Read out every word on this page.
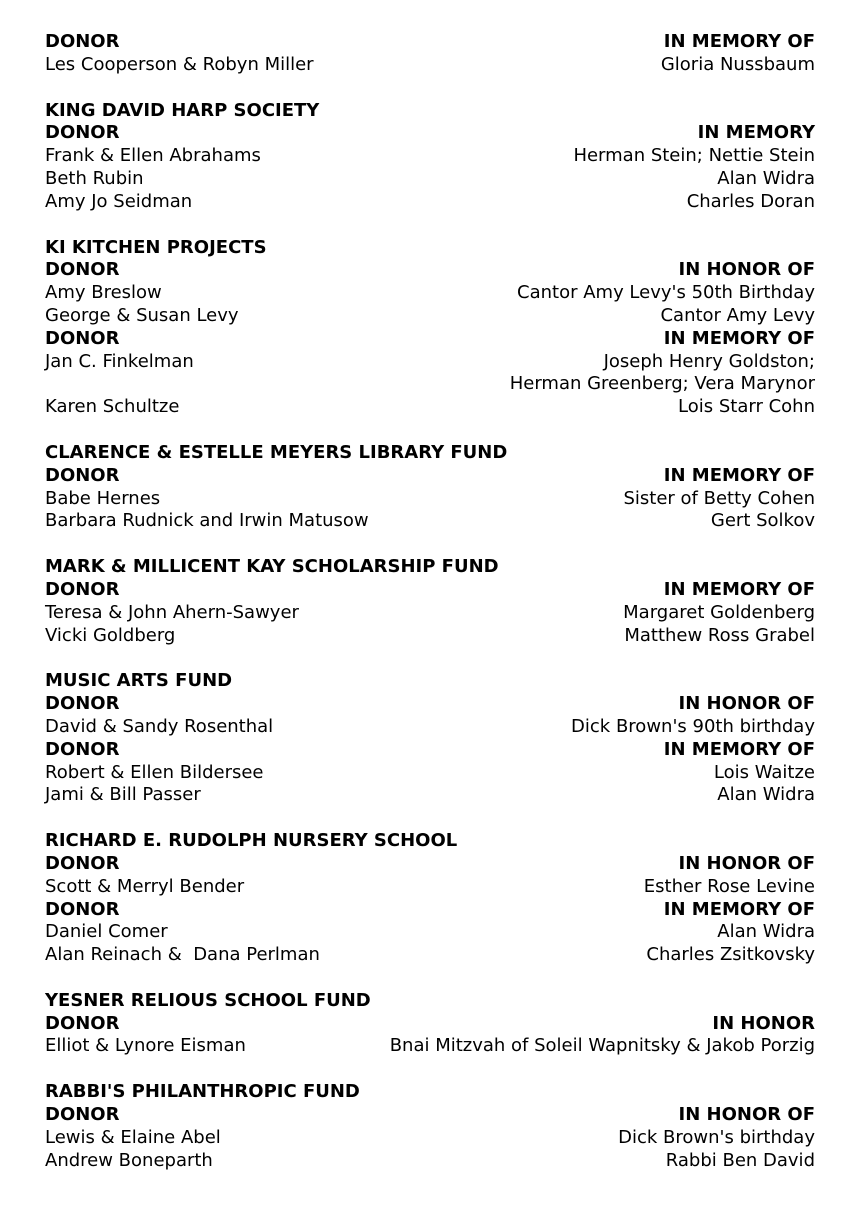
DONOR	IN MEMORY OF
Les Cooperson & Robyn Miller	Gloria Nussbaum
KING DAVID HARP SOCIETY
DONOR	IN MEMORY
Frank & Ellen Abrahams	Herman Stein; Nettie Stein
Beth Rubin	Alan Widra
Amy Jo Seidman	Charles Doran
KI KITCHEN PROJECTS
DONOR	IN HONOR OF
Amy Breslow	Cantor Amy Levy's 50th Birthday
George & Susan Levy	Cantor Amy Levy
DONOR	IN MEMORY OF
Jan C. Finkelman	Joseph Henry Goldston;
Herman Greenberg; Vera Marynor
Karen Schultze	Lois Starr Cohn
CLARENCE & ESTELLE MEYERS LIBRARY FUND
DONOR	IN MEMORY OF
Babe Hernes	Sister of Betty Cohen
Barbara Rudnick and Irwin Matusow	Gert Solkov
MARK & MILLICENT KAY SCHOLARSHIP FUND
DONOR	IN MEMORY OF
Teresa & John Ahern-Sawyer	Margaret Goldenberg
Vicki Goldberg	Matthew Ross Grabel
MUSIC ARTS FUND
DONOR	IN HONOR OF
David & Sandy Rosenthal	Dick Brown's 90th birthday
DONOR	IN MEMORY OF
Robert & Ellen Bildersee	Lois Waitze
Jami & Bill Passer	Alan Widra
RICHARD E. RUDOLPH NURSERY SCHOOL
DONOR	IN HONOR OF
Scott & Merryl Bender	Esther Rose Levine
DONOR	IN MEMORY OF
Daniel Comer	Alan Widra
Alan Reinach &  Dana Perlman	Charles Zsitkovsky
YESNER RELIOUS SCHOOL FUND
DONOR	IN HONOR
Elliot & Lynore Eisman	Bnai Mitzvah of Soleil Wapnitsky & Jakob Porzig
RABBI'S PHILANTHROPIC FUND
DONOR	IN HONOR OF
Lewis & Elaine Abel	Dick Brown's birthday
Andrew Boneparth	Rabbi Ben David
